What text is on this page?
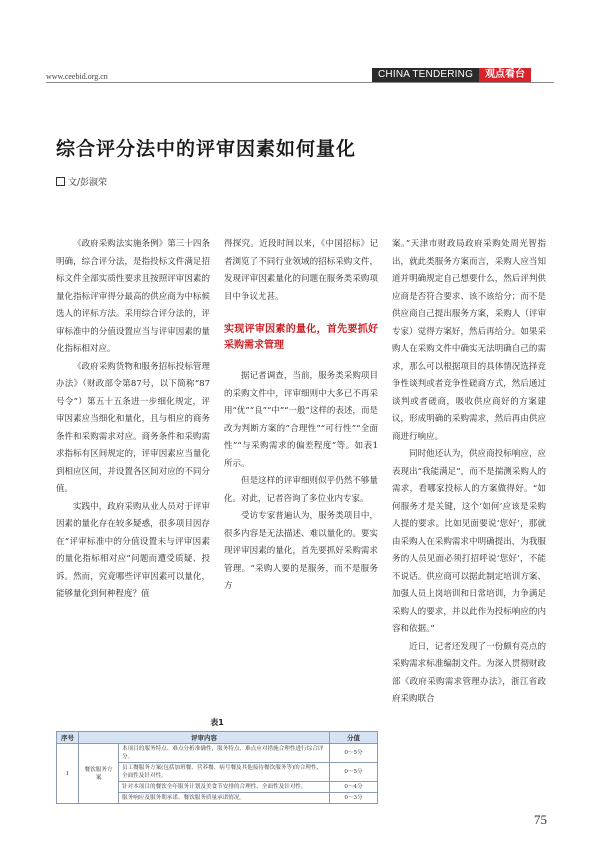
www.ceebid.org.cn	CHINA TENDERING	观点看台
综合评分法中的评审因素如何量化
文/彭淑荣

《政府采购法实施条例》第三十四条明确，综合评分法，是指投标文件满足招标文件全部实质性要求且按照评审因素的量化指标评审得分最高的供应商为中标候选人的评标方法。采用综合评分法的，评审标准中的分值设置应当与评审因素的量化指标相对应。

《政府采购货物和服务招标投标管理办法》（财政部令第87号，以下简称“87号令”）第五十五条进一步细化规定，评审因素应当细化和量化，且与相应的商务条件和采购需求对应。商务条件和采购需求指标有区间规定的，评审因素应当量化到相应区间，并设置各区间对应的不同分值。

实践中，政府采购从业人员对于评审因素的量化存在较多疑惑，很多项目因存在“评审标准中的分值设置未与评审因素的量化指标相对应”问题而遭受质疑、投诉。然而，究竟哪些评审因素可以量化，能够量化到何种程度？值

得探究。近段时间以来，《中国招标》记者浏览了不同行业领域的招标采购文件，发现评审因素量化的问题在服务类采购项目中争议尤甚。

实现评审因素的量化，首先要抓好采购需求管理

据记者调查，当前，服务类采购项目的采购文件中，评审细则中大多已不再采用“优”“良”“中”“一般”这样的表述，而是改为判断方案的“合理性”“可行性”“全面性”“与采购需求的偏差程度”等。如表1所示。

但是这样的评审细则似乎仍然不够量化。对此，记者咨询了多位业内专家。

受访专家普遍认为，服务类项目中，很多内容是无法描述、难以量化的。要实现评审因素的量化，首先要抓好采购需求管理。“采购人要的是服务，而不是服务方

案。”天津市财政局政府采购处周光智指出，就此类服务方案而言，采购人应当知道并明确规定自己想要什么，然后评判供应商是否符合要求、该不该给分；而不是供应商自己提出服务方案，采购人（评审专家）觉得方案好，然后再给分。如果采购人在采购文件中确实无法明确自己的需求，那么可以根据项目的具体情况选择竞争性谈判或者竞争性磋商方式，然后通过谈判或者磋商，吸收供应商好的方案建议，形成明确的采购需求，然后再由供应商进行响应。

同时他还认为，供应商投标响应，应表现出“我能满足”，而不是揣测采购人的需求，看哪家投标人的方案做得好。“如何服务才是关键，这个‘如何’应该是采购人提的要求。比如见面要说‘您好’，那就由采购人在采购需求中明确提出，为我服务的人员见面必须打招呼说‘您好’，不能不说话。供应商可以据此制定培训方案、加强人员上岗培训和日常培训，力争满足采购人的要求，并以此作为投标响应的内容和依据。”

近日，记者还发现了一份颇有亮点的采购需求标准编制文件。为深入贯彻财政部《政府采购需求管理办法》，浙江省政府采购联合

表1
序号	评审内容		分值
1	餐饮服务方案	本项目的服务特点、难点分析准确性，服务特点、难点应对措施合理性进行综合评分。	0～5分
		员工餐服务方案(包括加班餐、营养餐、病号餐及其他接待餐饮服务等)的合理性、全面性及针对性。	0～5分
		针对本项目的餐饮全年服务计划及美食节安排的合理性、全面性及针对性。	0～4分
		服务响应及服务期承诺、餐饮服务质量承诺情况。	0～3分
75
